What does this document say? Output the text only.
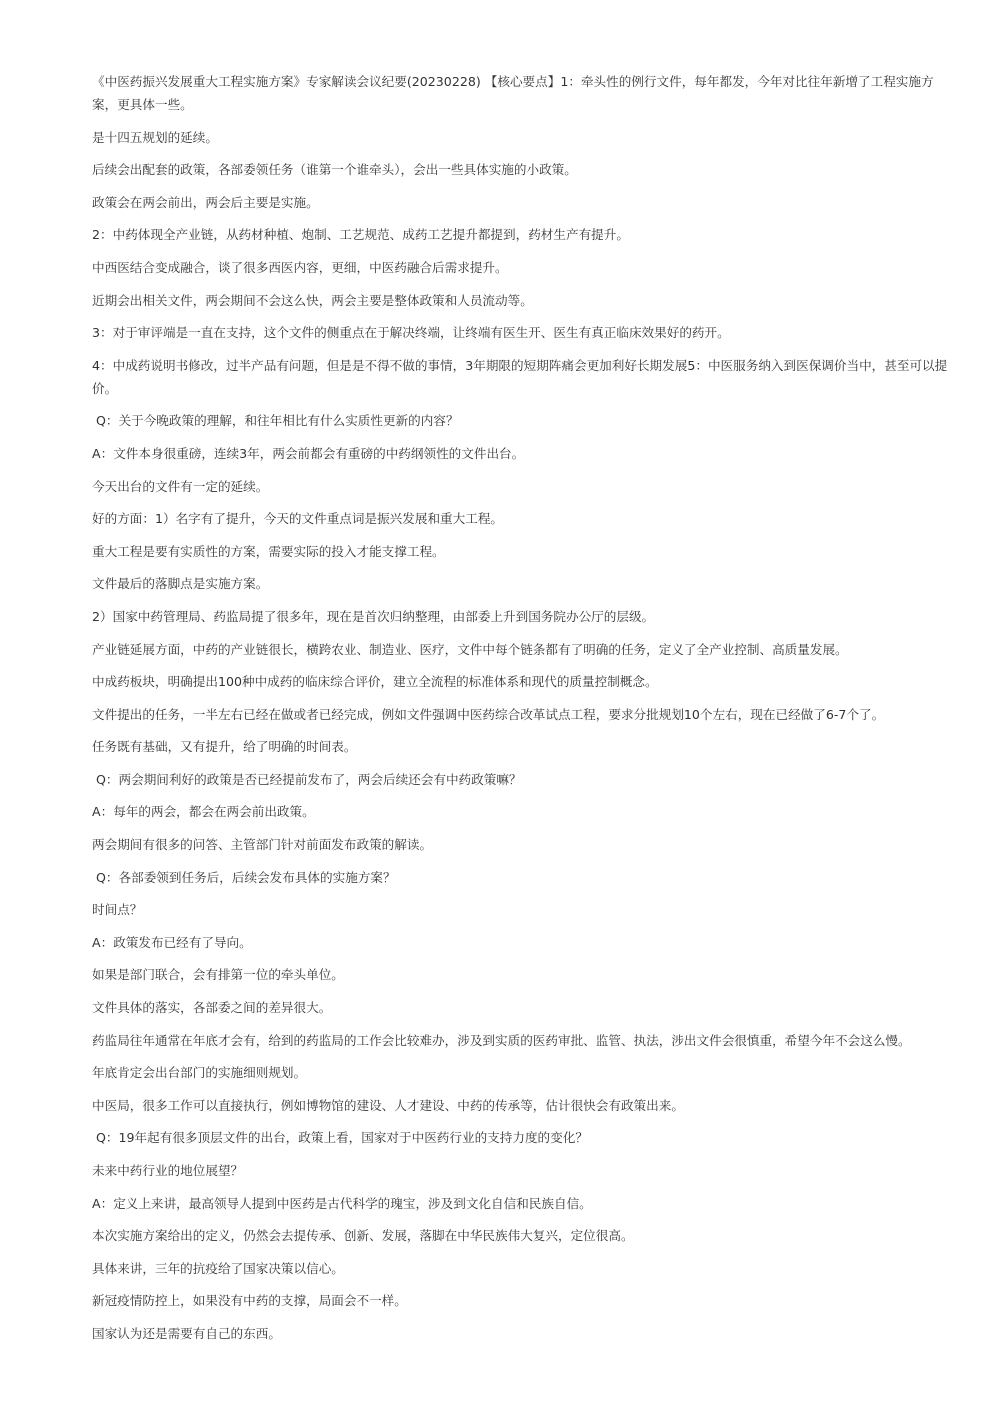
《中医药振兴发展重大工程实施方案》专家解读会议纪要(20230228) 【核心要点】1：牵头性的例行文件，每年都发，今年对比往年新增了工程实施方案，更具体一些。

是十四五规划的延续。

后续会出配套的政策，各部委领任务（谁第一个谁牵头），会出一些具体实施的小政策。

政策会在两会前出，两会后主要是实施。

2：中药体现全产业链，从药材种植、炮制、工艺规范、成药工艺提升都提到，药材生产有提升。

中西医结合变成融合，谈了很多西医内容，更细，中医药融合后需求提升。

近期会出相关文件，两会期间不会这么快，两会主要是整体政策和人员流动等。

3：对于审评端是一直在支持，这个文件的侧重点在于解决终端，让终端有医生开、医生有真正临床效果好的药开。

4：中成药说明书修改，过半产品有问题，但是是不得不做的事情，3年期限的短期阵痛会更加利好长期发展5：中医服务纳入到医保调价当中，甚至可以提价。

Q：关于今晚政策的理解，和往年相比有什么实质性更新的内容？

A：文件本身很重磅，连续3年，两会前都会有重磅的中药纲领性的文件出台。

今天出台的文件有一定的延续。

好的方面：1）名字有了提升，今天的文件重点词是振兴发展和重大工程。

重大工程是要有实质性的方案，需要实际的投入才能支撑工程。

文件最后的落脚点是实施方案。

2）国家中药管理局、药监局提了很多年，现在是首次归纳整理，由部委上升到国务院办公厅的层级。

产业链延展方面，中药的产业链很长，横跨农业、制造业、医疗，文件中每个链条都有了明确的任务，定义了全产业控制、高质量发展。

中成药板块，明确提出100种中成药的临床综合评价，建立全流程的标准体系和现代的质量控制概念。

文件提出的任务，一半左右已经在做或者已经完成，例如文件强调中医药综合改革试点工程，要求分批规划10个左右，现在已经做了6-7个了。

任务既有基础，又有提升，给了明确的时间表。

Q：两会期间利好的政策是否已经提前发布了，两会后续还会有中药政策嘛？

A：每年的两会，都会在两会前出政策。

两会期间有很多的问答、主管部门针对前面发布政策的解读。

Q：各部委领到任务后，后续会发布具体的实施方案？

时间点？

A：政策发布已经有了导向。

如果是部门联合，会有排第一位的牵头单位。

文件具体的落实，各部委之间的差异很大。

药监局往年通常在年底才会有，给到的药监局的工作会比较难办，涉及到实质的医药审批、监管、执法，涉出文件会很慎重，希望今年不会这么慢。

年底肯定会出台部门的实施细则规划。

中医局，很多工作可以直接执行，例如博物馆的建设、人才建设、中药的传承等，估计很快会有政策出来。

Q：19年起有很多顶层文件的出台，政策上看，国家对于中医药行业的支持力度的变化？

未来中药行业的地位展望？

A：定义上来讲，最高领导人提到中医药是古代科学的瑰宝，涉及到文化自信和民族自信。

本次实施方案给出的定义，仍然会去提传承、创新、发展，落脚在中华民族伟大复兴，定位很高。

具体来讲，三年的抗疫给了国家决策以信心。

新冠疫情防控上，如果没有中药的支撑，局面会不一样。

国家认为还是需要有自己的东西。
